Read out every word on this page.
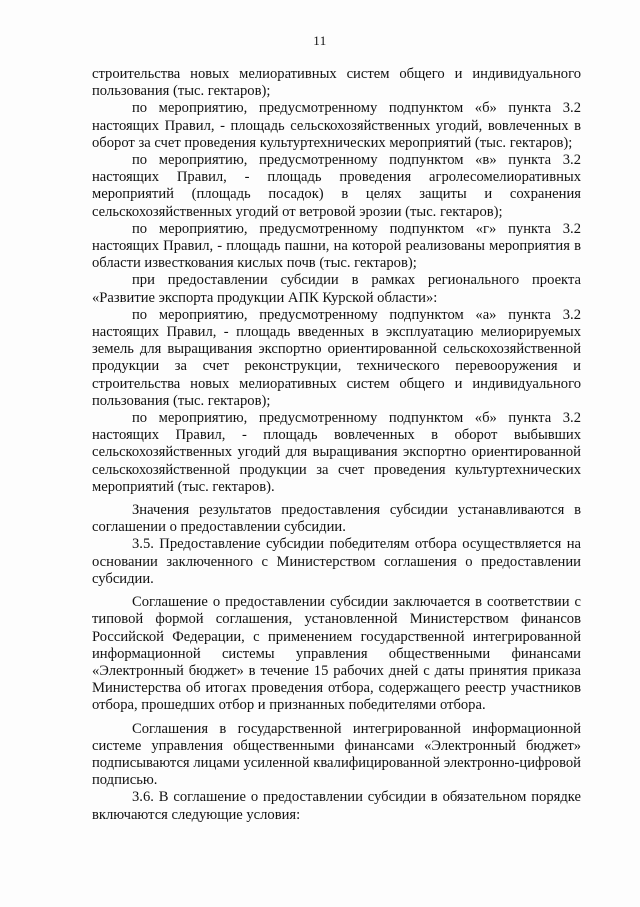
11

строительства новых мелиоративных систем общего и индивидуального пользования (тыс. гектаров);

по мероприятию, предусмотренному подпунктом «б» пункта 3.2 настоящих Правил, - площадь сельскохозяйственных угодий, вовлеченных в оборот за счет проведения культуртехнических мероприятий (тыс. гектаров);

по мероприятию, предусмотренному подпунктом «в» пункта 3.2 настоящих Правил, - площадь проведения агролесомелиоративных мероприятий (площадь посадок) в целях защиты и сохранения сельскохозяйственных угодий от ветровой эрозии (тыс. гектаров);

по мероприятию, предусмотренному подпунктом «г» пункта 3.2 настоящих Правил, - площадь пашни, на которой реализованы мероприятия в области известкования кислых почв (тыс. гектаров);

при предоставлении субсидии в рамках регионального проекта «Развитие экспорта продукции АПК Курской области»:

по мероприятию, предусмотренному подпунктом «а» пункта 3.2 настоящих Правил, - площадь введенных в эксплуатацию мелиорируемых земель для выращивания экспортно ориентированной сельскохозяйственной продукции за счет реконструкции, технического перевооружения и строительства новых мелиоративных систем общего и индивидуального пользования (тыс. гектаров);

по мероприятию, предусмотренному подпунктом «б» пункта 3.2 настоящих Правил, - площадь вовлеченных в оборот выбывших сельскохозяйственных угодий для выращивания экспортно ориентированной сельскохозяйственной продукции за счет проведения культуртехнических мероприятий (тыс. гектаров).

Значения результатов предоставления субсидии устанавливаются в соглашении о предоставлении субсидии.

3.5. Предоставление субсидии победителям отбора осуществляется на основании заключенного с Министерством соглашения о предоставлении субсидии.

Соглашение о предоставлении субсидии заключается в соответствии с типовой формой соглашения, установленной Министерством финансов Российской Федерации, с применением государственной интегрированной информационной системы управления общественными финансами «Электронный бюджет» в течение 15 рабочих дней с даты принятия приказа Министерства об итогах проведения отбора, содержащего реестр участников отбора, прошедших отбор и признанных победителями отбора.

Соглашения в государственной интегрированной информационной системе управления общественными финансами «Электронный бюджет» подписываются лицами усиленной квалифицированной электронно-цифровой подписью.

3.6. В соглашение о предоставлении субсидии в обязательном порядке включаются следующие условия:
